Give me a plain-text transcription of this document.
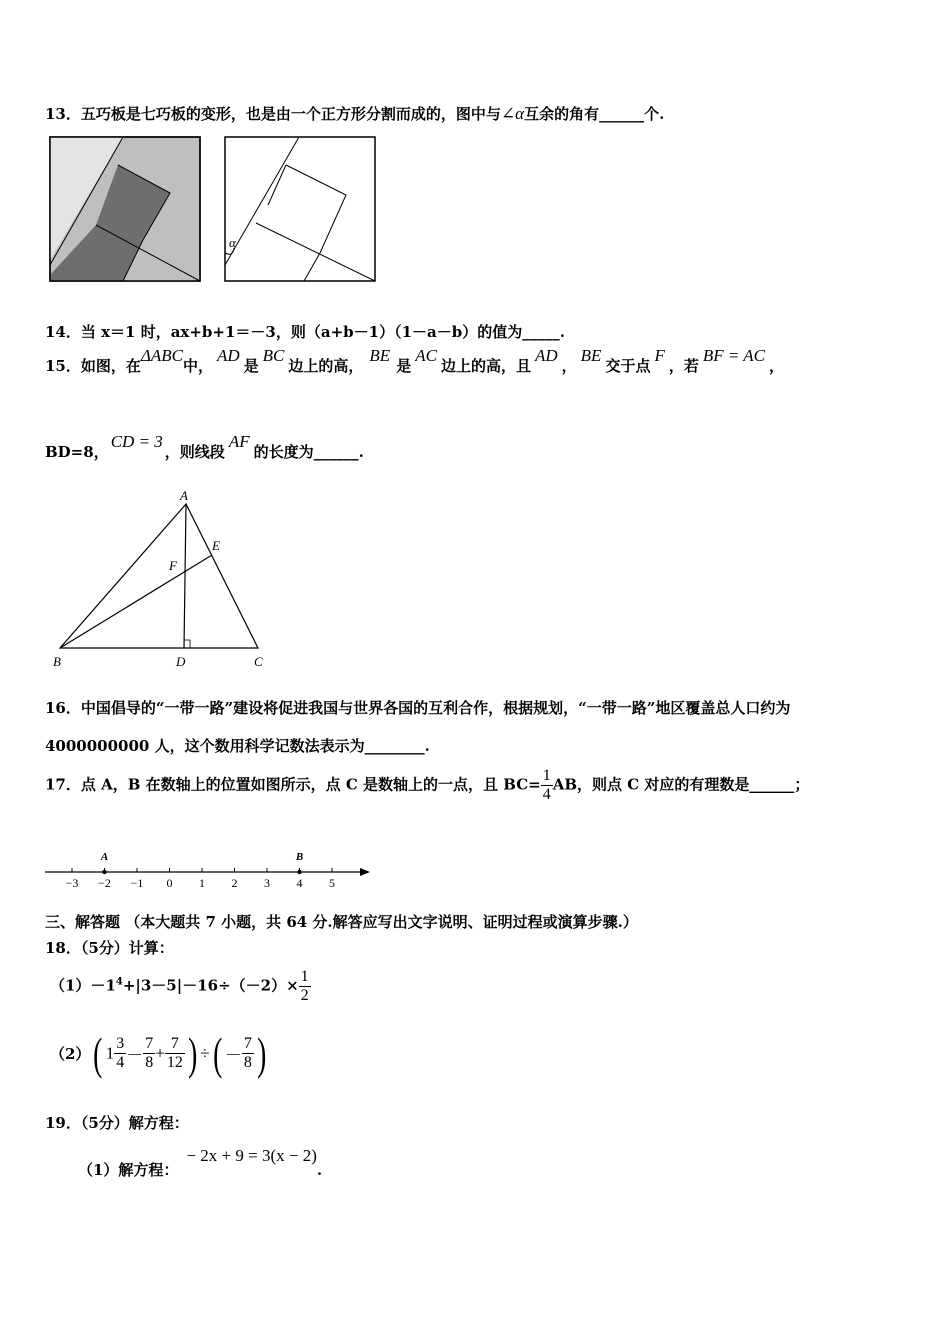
13．五巧板是七巧板的变形，也是由一个正方形分割而成的，图中与∠α互余的角有______个.
α
14．当 x＝1 时，ax+b+1＝－3，则（a+b－1）（1－a－b）的值为_____.
15．如图，在ΔABC中，AD是BC边上的高，BE是AC边上的高，且AD，BE交于点F，若BF = AC，
BD=8，CD = 3，则线段AF的长度为______.
A
B	C
D
E
F
16．中国倡导的“一带一路”建设将促进我国与世界各国的互利合作，根据规划，“一带一路”地区覆盖总人口约为
4000000000 人，这个数用科学记数法表示为________.
17．点 A，B 在数轴上的位置如图所示，点 C 是数轴上的一点，且 $BC= \frac{1}{4}$ AB，则点 C 对应的有理数是______；
−3 −2 −1 0 1 2 3 4 5
A	B
三、解答题 （本大题共 7 小题，共 64 分.解答应写出文字说明、证明过程或演算步骤.）
18．（5分）计算：
$(1)-1^4+|3-5|-16\div(-2)\times \frac{1}{2}$
（2）( $1 \frac{3}{4} - \frac{7}{8} + \frac{7}{12}$ ) ÷( － $\frac{7}{8}$ )
19．（5分）解方程：
（1）解方程：− 2x + 9 = 3(x − 2).
